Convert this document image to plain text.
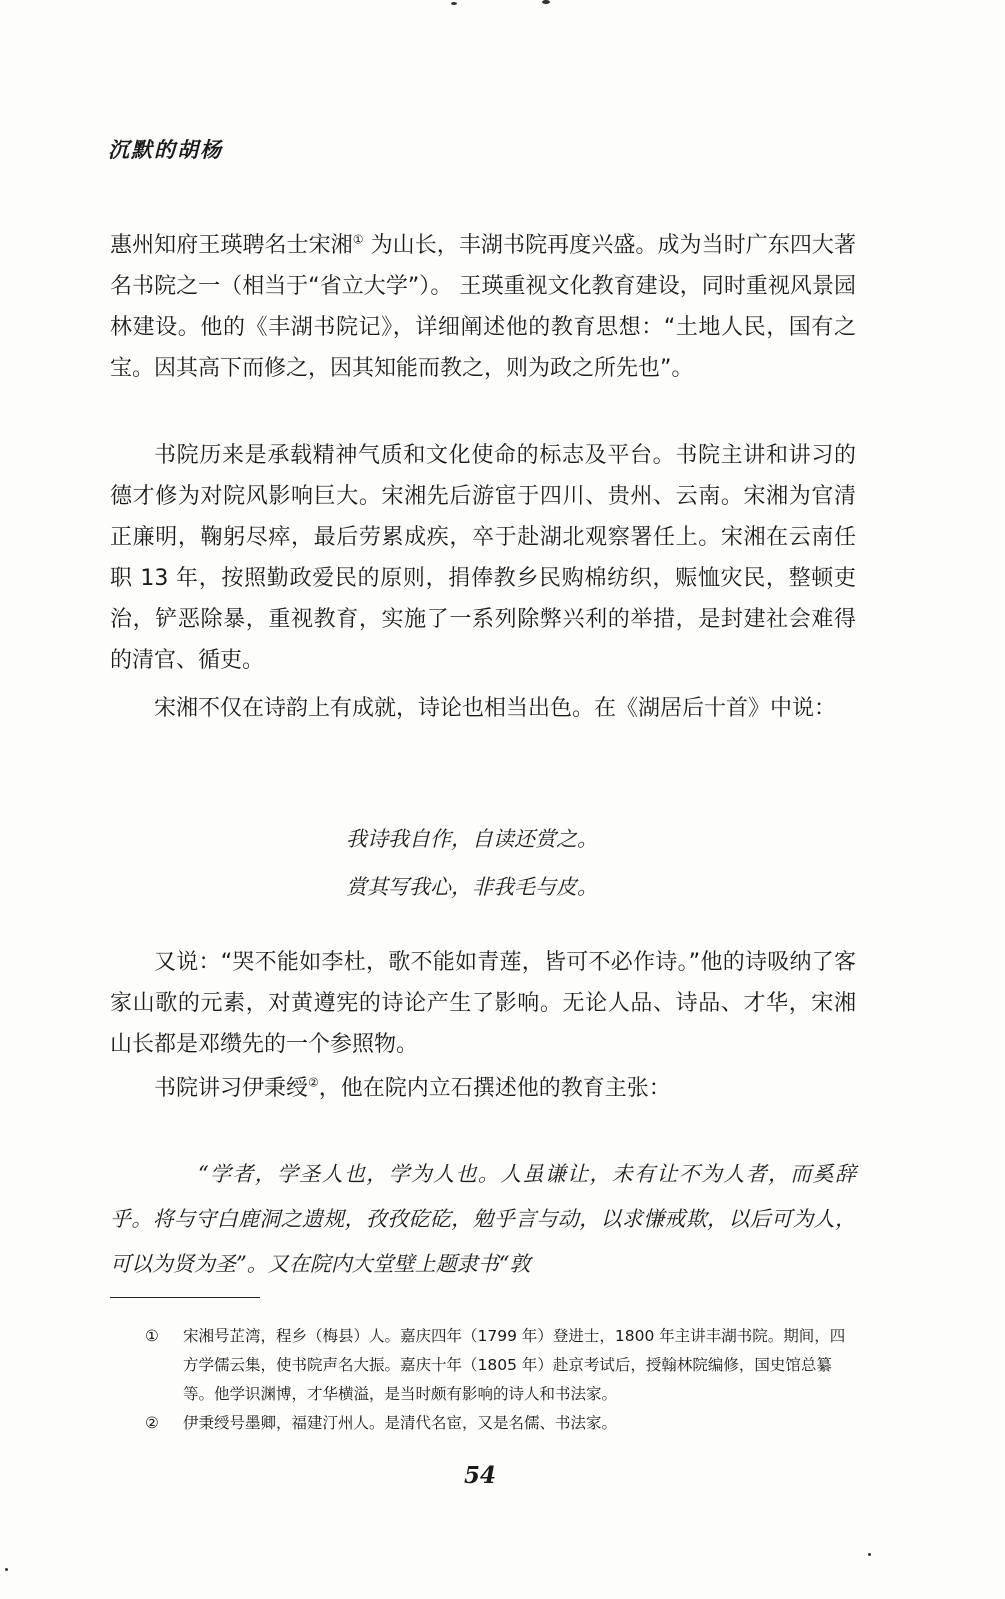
沉默的胡杨

惠州知府王瑛聘名士宋湘① 为山长，丰湖书院再度兴盛。成为当时广东四大著名书院之一（相当于“省立大学”）。 王瑛重视文化教育建设，同时重视风景园林建设。他的《丰湖书院记》，详细阐述他的教育思想：“土地人民，国有之宝。因其高下而修之，因其知能而教之，则为政之所先也”。

书院历来是承载精神气质和文化使命的标志及平台。书院主讲和讲习的德才修为对院风影响巨大。宋湘先后游宦于四川、贵州、云南。宋湘为官清正廉明，鞠躬尽瘁，最后劳累成疾，卒于赴湖北观察署任上。宋湘在云南任职 13 年，按照勤政爱民的原则，捐俸教乡民购棉纺织，赈恤灾民，整顿吏治，铲恶除暴，重视教育，实施了一系列除弊兴利的举措，是封建社会难得的清官、循吏。

宋湘不仅在诗韵上有成就，诗论也相当出色。在《湖居后十首》中说：

我诗我自作，自读还赏之。
赏其写我心，非我毛与皮。

又说：“哭不能如李杜，歌不能如青莲，皆可不必作诗。”他的诗吸纳了客家山歌的元素，对黄遵宪的诗论产生了影响。无论人品、诗品、才华，宋湘山长都是邓缵先的一个参照物。

书院讲习伊秉绶②，他在院内立石撰述他的教育主张：

“学者，学圣人也，学为人也。人虽谦让，未有让不为人者，而奚辞乎。将与守白鹿洞之遗规，孜孜矻矻，勉乎言与动，以求慊戒欺，以后可为人，可以为贤为圣”。又在院内大堂壁上题隶书“敦

① 宋湘号芷湾，程乡（梅县）人。嘉庆四年（1799 年）登进士，1800 年主讲丰湖书院。期间，四方学儒云集，使书院声名大振。嘉庆十年（1805 年）赴京考试后，授翰林院编修，国史馆总纂等。他学识渊博，才华横溢，是当时颇有影响的诗人和书法家。

② 伊秉绶号墨卿，福建汀州人。是清代名宦，又是名儒、书法家。

54
